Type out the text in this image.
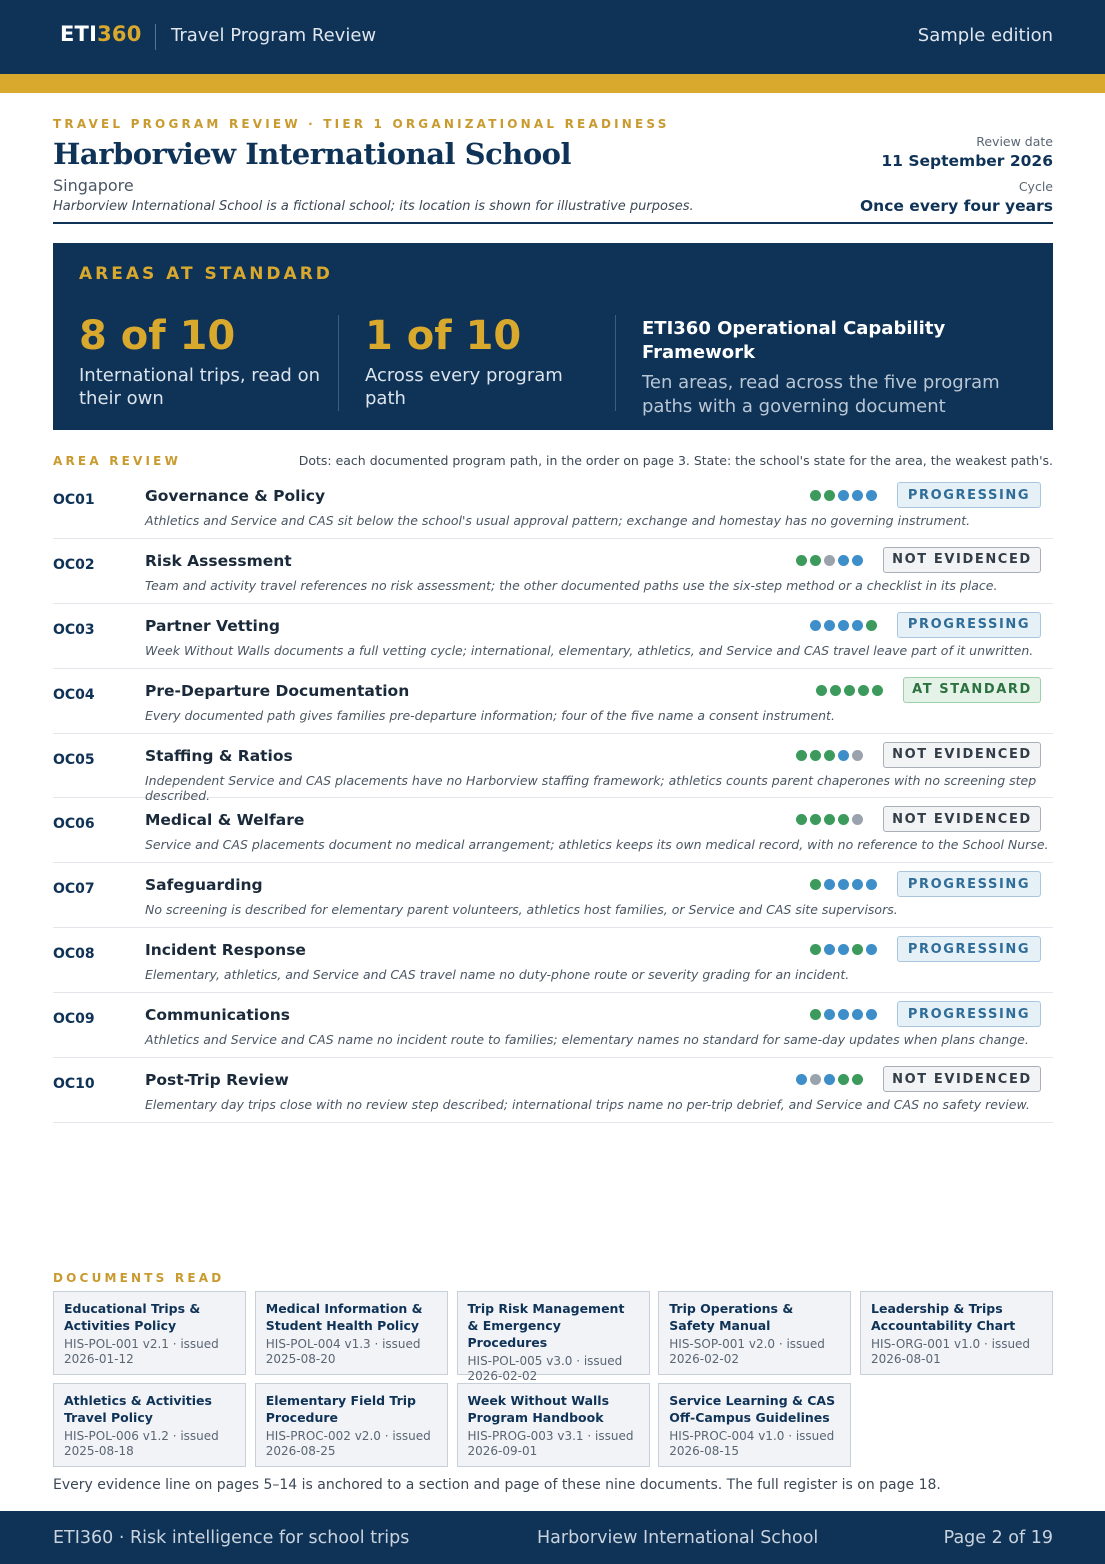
ETI360 Travel Program Review	Sample edition
TRAVEL PROGRAM REVIEW · TIER 1 ORGANIZATIONAL READINESS
Harborview International School
Singapore
Harborview International School is a fictional school; its location is shown for illustrative purposes.
Review date
11 September 2026
Cycle
Once every four years
AREAS AT STANDARD
8 of 10
International trips, read on their own
1 of 10
Across every program path
ETI360 Operational Capability Framework
Ten areas, read across the five program paths with a governing document
AREA REVIEW	Dots: each documented program path, in the order on page 3. State: the school's state for the area, the weakest path's.
OC01	Governance & Policy
Athletics and Service and CAS sit below the school's usual approval pattern; exchange and homestay has no governing instrument.
PROGRESSING
OC02	Risk Assessment
Team and activity travel references no risk assessment; the other documented paths use the six-step method or a checklist in its place.
NOT EVIDENCED
OC03	Partner Vetting
Week Without Walls documents a full vetting cycle; international, elementary, athletics, and Service and CAS travel leave part of it unwritten.
PROGRESSING
OC04	Pre-Departure Documentation
Every documented path gives families pre-departure information; four of the five name a consent instrument.
AT STANDARD
OC05	Staffing & Ratios
Independent Service and CAS placements have no Harborview staffing framework; athletics counts parent chaperones with no screening step described.
NOT EVIDENCED
OC06	Medical & Welfare
Service and CAS placements document no medical arrangement; athletics keeps its own medical record, with no reference to the School Nurse.
NOT EVIDENCED
OC07	Safeguarding
No screening is described for elementary parent volunteers, athletics host families, or Service and CAS site supervisors.
PROGRESSING
OC08	Incident Response
Elementary, athletics, and Service and CAS travel name no duty-phone route or severity grading for an incident.
PROGRESSING
OC09	Communications
Athletics and Service and CAS name no incident route to families; elementary names no standard for same-day updates when plans change.
PROGRESSING
OC10	Post-Trip Review
Elementary day trips close with no review step described; international trips name no per-trip debrief, and Service and CAS no safety review.
NOT EVIDENCED
DOCUMENTS READ
Educational Trips & Activities Policy
HIS-POL-001 v2.1 · issued 2026-01-12
Medical Information & Student Health Policy
HIS-POL-004 v1.3 · issued 2025-08-20
Trip Risk Management & Emergency Procedures
HIS-POL-005 v3.0 · issued 2026-02-02
Trip Operations & Safety Manual
HIS-SOP-001 v2.0 · issued 2026-02-02
Leadership & Trips Accountability Chart
HIS-ORG-001 v1.0 · issued 2026-08-01
Athletics & Activities Travel Policy
HIS-POL-006 v1.2 · issued 2025-08-18
Elementary Field Trip Procedure
HIS-PROC-002 v2.0 · issued 2026-08-25
Week Without Walls Program Handbook
HIS-PROG-003 v3.1 · issued 2026-09-01
Service Learning & CAS Off-Campus Guidelines
HIS-PROC-004 v1.0 · issued 2026-08-15
Every evidence line on pages 5–14 is anchored to a section and page of these nine documents. The full register is on page 18.
ETI360 · Risk intelligence for school trips	Harborview International School	Page 2 of 19
